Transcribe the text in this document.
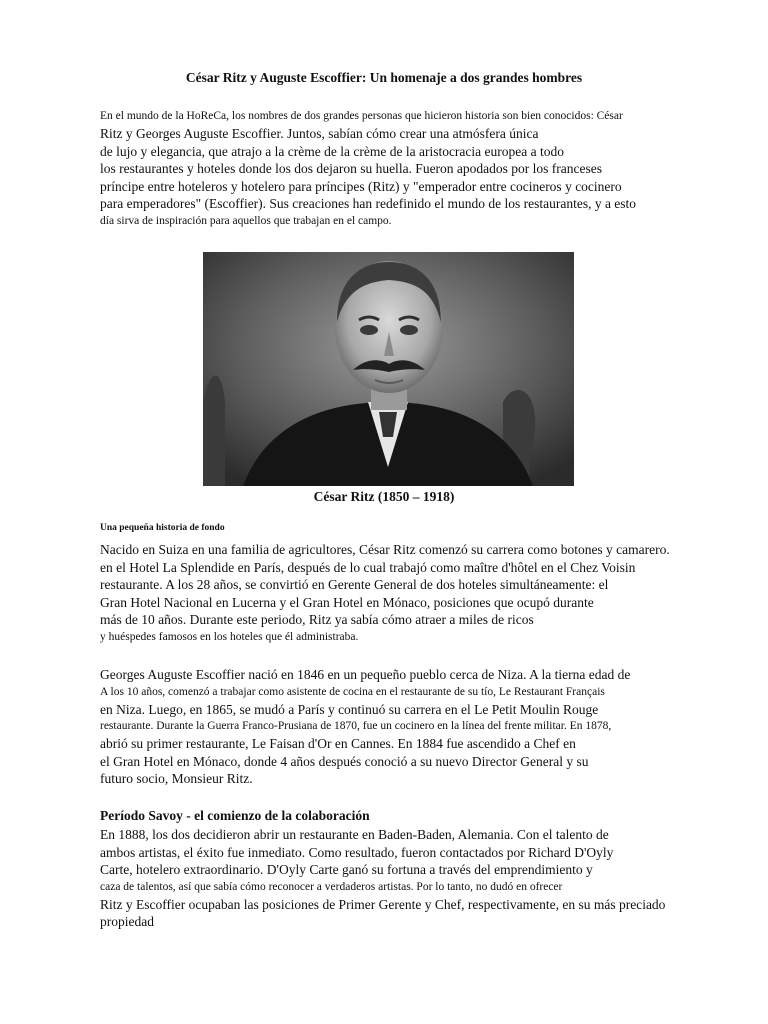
César Ritz y Auguste Escoffier: Un homenaje a dos grandes hombres
En el mundo de la HoReCa, los nombres de dos grandes personas que hicieron historia son bien conocidos: César
Ritz y Georges Auguste Escoffier. Juntos, sabían cómo crear una atmósfera única
de lujo y elegancia, que atrajo a la crème de la crème de la aristocracia europea a todo
los restaurantes y hoteles donde los dos dejaron su huella. Fueron apodados por los franceses
príncipe entre hoteleros y hotelero para príncipes (Ritz) y "emperador entre cocineros y cocinero
para emperadores" (Escoffier). Sus creaciones han redefinido el mundo de los restaurantes, y a esto
día sirva de inspiración para aquellos que trabajan en el campo.
César Ritz (1850 – 1918)
Una pequeña historia de fondo
Nacido en Suiza en una familia de agricultores, César Ritz comenzó su carrera como botones y camarero.
en el Hotel La Splendide en París, después de lo cual trabajó como maître d'hôtel en el Chez Voisin
restaurante. A los 28 años, se convirtió en Gerente General de dos hoteles simultáneamente: el
Gran Hotel Nacional en Lucerna y el Gran Hotel en Mónaco, posiciones que ocupó durante
más de 10 años. Durante este periodo, Ritz ya sabía cómo atraer a miles de ricos
y huéspedes famosos en los hoteles que él administraba.
Georges Auguste Escoffier nació en 1846 en un pequeño pueblo cerca de Niza. A la tierna edad de
A los 10 años, comenzó a trabajar como asistente de cocina en el restaurante de su tío, Le Restaurant Français
en Niza. Luego, en 1865, se mudó a París y continuó su carrera en el Le Petit Moulin Rouge
restaurante. Durante la Guerra Franco-Prusiana de 1870, fue un cocinero en la línea del frente militar. En 1878,
abrió su primer restaurante, Le Faisan d'Or en Cannes. En 1884 fue ascendido a Chef en
el Gran Hotel en Mónaco, donde 4 años después conoció a su nuevo Director General y su
futuro socio, Monsieur Ritz.
Período Savoy - el comienzo de la colaboración
En 1888, los dos decidieron abrir un restaurante en Baden-Baden, Alemania. Con el talento de
ambos artistas, el éxito fue inmediato. Como resultado, fueron contactados por Richard D'Oyly
Carte, hotelero extraordinario. D'Oyly Carte ganó su fortuna a través del emprendimiento y
caza de talentos, así que sabía cómo reconocer a verdaderos artistas. Por lo tanto, no dudó en ofrecer
Ritz y Escoffier ocupaban las posiciones de Primer Gerente y Chef, respectivamente, en su más preciado
propiedad
